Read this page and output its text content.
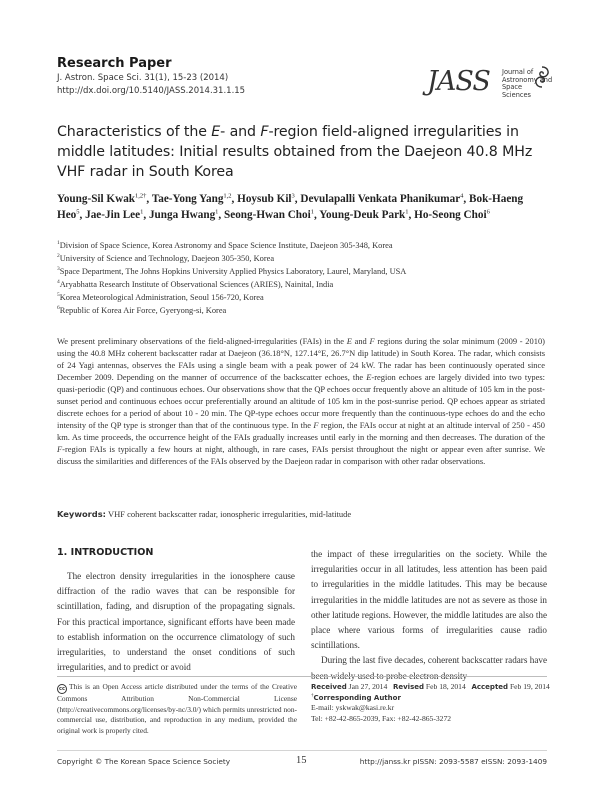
Research Paper
J. Astron. Space Sci. 31(1), 15-23 (2014)
http://dx.doi.org/10.5140/JASS.2014.31.1.15	JASS Journal of
Astronomy and
Space Sciences
Characteristics of the E- and F-region field-aligned irregularities in middle latitudes: Initial results obtained from the Daejeon 40.8 MHz VHF radar in South Korea
Young-Sil Kwak$^{1,2\dagger}$, Tae-Yong Yang$^{1,2}$, Hoysub Kil$^3$, Devulapalli Venkata Phanikumar$^4$, Bok-Haeng Heo$^5$, Jae-Jin Lee$^1$, Junga Hwang$^1$, Seong-Hwan Choi$^1$, Young-Deuk Park$^1$, Ho-Seong Choi$^6$
$^1$Division of Space Science, Korea Astronomy and Space Science Institute, Daejeon 305-348, Korea
$^2$University of Science and Technology, Daejeon 305-350, Korea
$^3$Space Department, The Johns Hopkins University Applied Physics Laboratory, Laurel, Maryland, USA
$^4$Aryabhatta Research Institute of Observational Sciences (ARIES), Nainital, India
$^5$Korea Meteorological Administration, Seoul 156-720, Korea
$^6$Republic of Korea Air Force, Gyeryong-si, Korea
We present preliminary observations of the field-aligned-irregularities (FAIs) in the E and F regions during the solar minimum (2009 - 2010) using the 40.8 MHz coherent backscatter radar at Daejeon (36.18°N, 127.14°E, 26.7°N dip latitude) in South Korea. The radar, which consists of 24 Yagi antennas, observes the FAIs using a single beam with a peak power of 24 kW. The radar has been continuously operated since December 2009. Depending on the manner of occurrence of the backscatter echoes, the E-region echoes are largely divided into two types: quasi-periodic (QP) and continuous echoes. Our observations show that the QP echoes occur frequently above an altitude of 105 km in the post-sunset period and continuous echoes occur preferentially around an altitude of 105 km in the post-sunrise period. QP echoes appear as striated discrete echoes for a period of about 10 - 20 min. The QP-type echoes occur more frequently than the continuous-type echoes do and the echo intensity of the QP type is stronger than that of the continuous type. In the F region, the FAIs occur at night at an altitude interval of 250 - 450 km. As time proceeds, the occurrence height of the FAIs gradually increases until early in the morning and then decreases. The duration of the F-region FAIs is typically a few hours at night, although, in rare cases, FAIs persist throughout the night or appear even after sunrise. We discuss the similarities and differences of the FAIs observed by the Daejeon radar in comparison with other radar observations.
Keywords: VHF coherent backscatter radar, ionospheric irregularities, mid-latitude
1. INTRODUCTION

The electron density irregularities in the ionosphere cause diffraction of the radio waves that can be responsible for scintillation, fading, and disruption of the propagating signals. For this practical importance, significant efforts have been made to establish information on the occurrence climatology of such irregularities, to understand the onset conditions of such irregularities, and to predict or avoid

the impact of these irregularities on the society. While the irregularities occur in all latitudes, less attention has been paid to irregularities in the middle latitudes. This may be because irregularities in the middle latitudes are not as severe as those in other latitude regions. However, the middle latitudes are also the place where various forms of irregularities cause radio scintillations.

During the last five decades, coherent backscatter radars have

cc This is an Open Access article distributed under the terms of the Creative Commons Attribution Non-Commercial License (http://creativecommons.org/licenses/by-nc/3.0/) which permits unrestricted non-commercial use, distribution, and reproduction in any medium, provided the original work is properly cited.
Received Jan 27, 2014 Revised Feb 18, 2014 Accepted Feb 19, 2014
†Corresponding Author
E-mail: yskwak@kasi.re.kr
Tel: +82-42-865-2039, Fax: +82-42-865-3272
Copyright © The Korean Space Science Society	15	http://janss.kr pISSN: 2093-5587 eISSN: 2093-1409
